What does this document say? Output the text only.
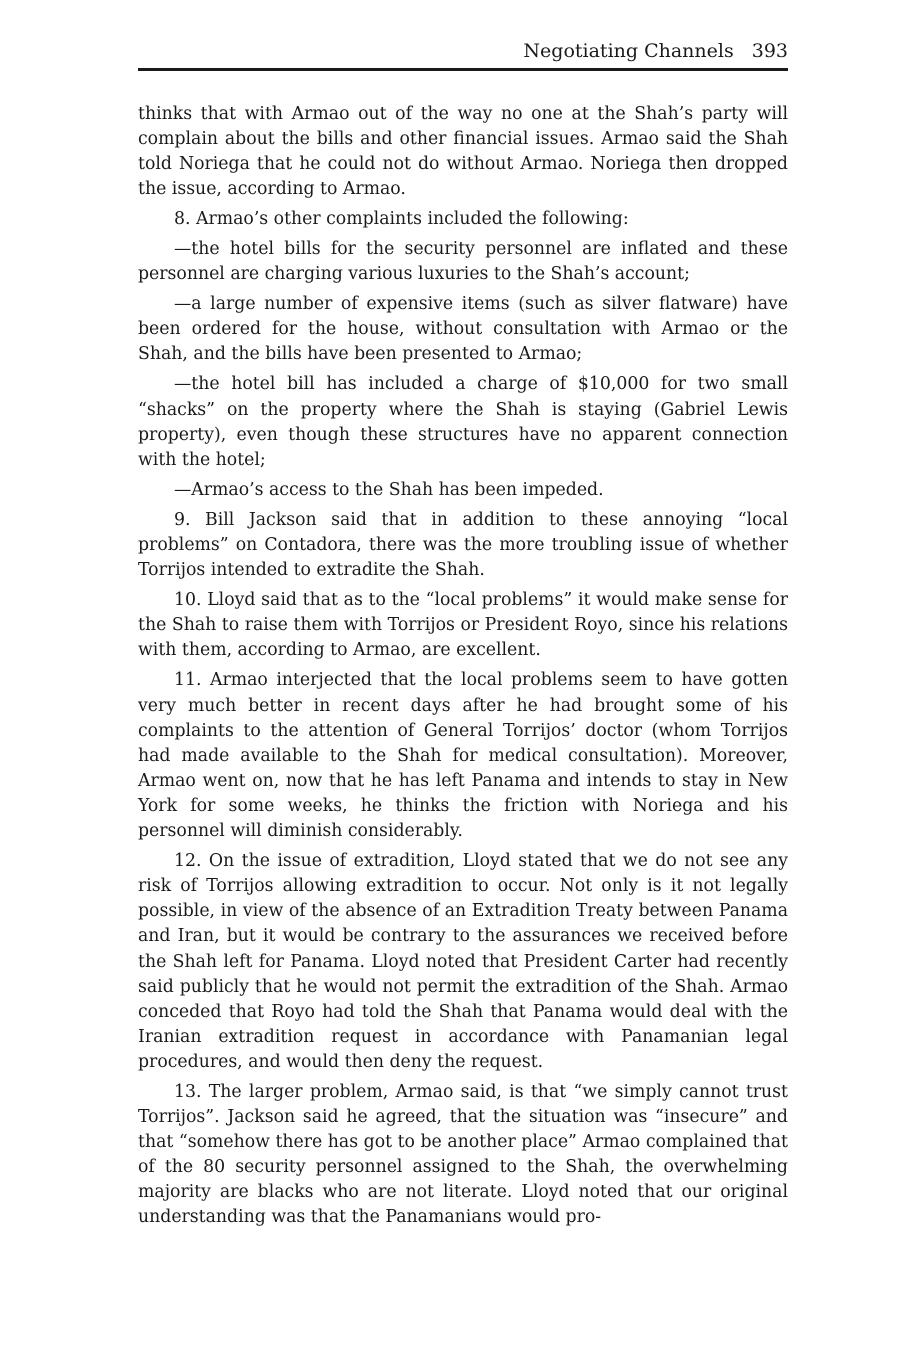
Negotiating Channels 393

thinks that with Armao out of the way no one at the Shah’s party will complain about the bills and other financial issues. Armao said the Shah told Noriega that he could not do without Armao. Noriega then dropped the issue, according to Armao.

8. Armao’s other complaints included the following:

—the hotel bills for the security personnel are inflated and these personnel are charging various luxuries to the Shah’s account;

—a large number of expensive items (such as silver flatware) have been ordered for the house, without consultation with Armao or the Shah, and the bills have been presented to Armao;

—the hotel bill has included a charge of $10,000 for two small “shacks” on the property where the Shah is staying (Gabriel Lewis property), even though these structures have no apparent connection with the hotel;

—Armao’s access to the Shah has been impeded.

9. Bill Jackson said that in addition to these annoying “local problems” on Contadora, there was the more troubling issue of whether Torrijos intended to extradite the Shah.

10. Lloyd said that as to the “local problems” it would make sense for the Shah to raise them with Torrijos or President Royo, since his relations with them, according to Armao, are excellent.

11. Armao interjected that the local problems seem to have gotten very much better in recent days after he had brought some of his complaints to the attention of General Torrijos’ doctor (whom Torrijos had made available to the Shah for medical consultation). Moreover, Armao went on, now that he has left Panama and intends to stay in New York for some weeks, he thinks the friction with Noriega and his personnel will diminish considerably.

12. On the issue of extradition, Lloyd stated that we do not see any risk of Torrijos allowing extradition to occur. Not only is it not legally possible, in view of the absence of an Extradition Treaty between Panama and Iran, but it would be contrary to the assurances we received before the Shah left for Panama. Lloyd noted that President Carter had recently said publicly that he would not permit the extradition of the Shah. Armao conceded that Royo had told the Shah that Panama would deal with the Iranian extradition request in accordance with Panamanian legal procedures, and would then deny the request.

13. The larger problem, Armao said, is that “we simply cannot trust Torrijos”. Jackson said he agreed, that the situation was “insecure” and that “somehow there has got to be another place” Armao complained that of the 80 security personnel assigned to the Shah, the overwhelming majority are blacks who are not literate. Lloyd noted that our original understanding was that the Panamanians would pro-
